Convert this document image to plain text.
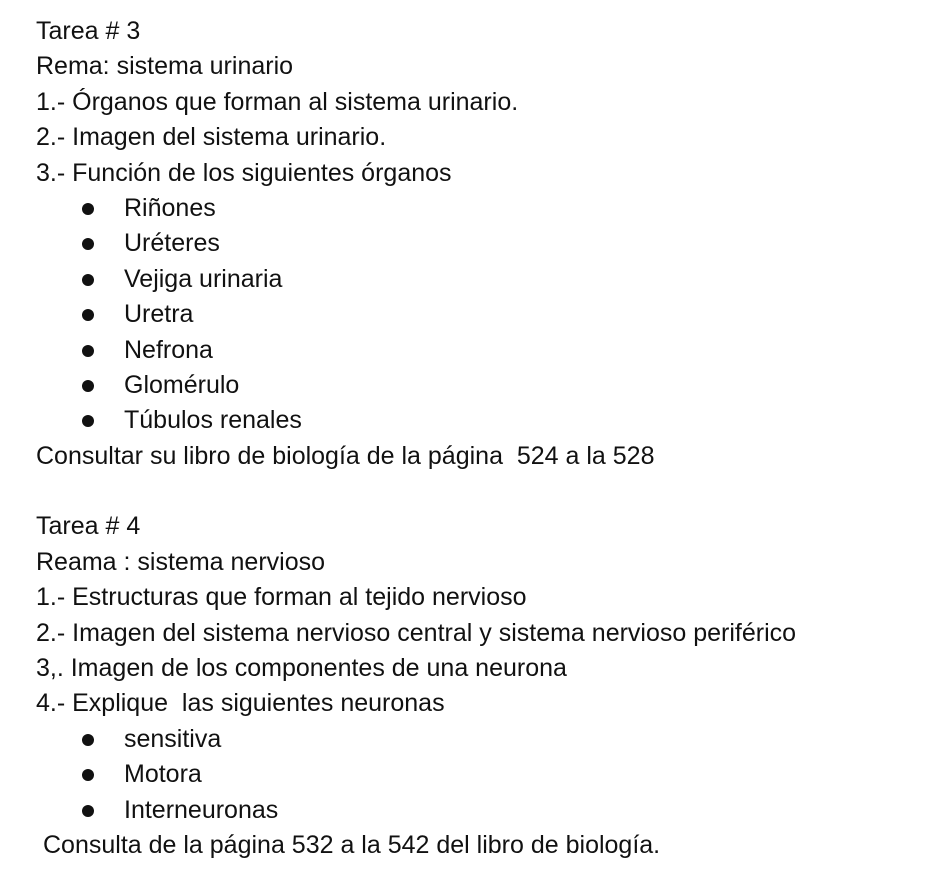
Tarea # 3
Rema: sistema urinario
1.- Órganos que forman al sistema urinario.
2.- Imagen del sistema urinario.
3.- Función de los siguientes órganos
Riñones
Uréteres
Vejiga urinaria
Uretra
Nefrona
Glomérulo
Túbulos renales
Consultar su libro de biología de la página  524 a la 528
Tarea # 4
Reama : sistema nervioso
1.- Estructuras que forman al tejido nervioso
2.- Imagen del sistema nervioso central y sistema nervioso periférico
3,. Imagen de los componentes de una neurona
4.- Explique  las siguientes neuronas
sensitiva
Motora
Interneuronas
Consulta de la página 532 a la 542 del libro de biología.
